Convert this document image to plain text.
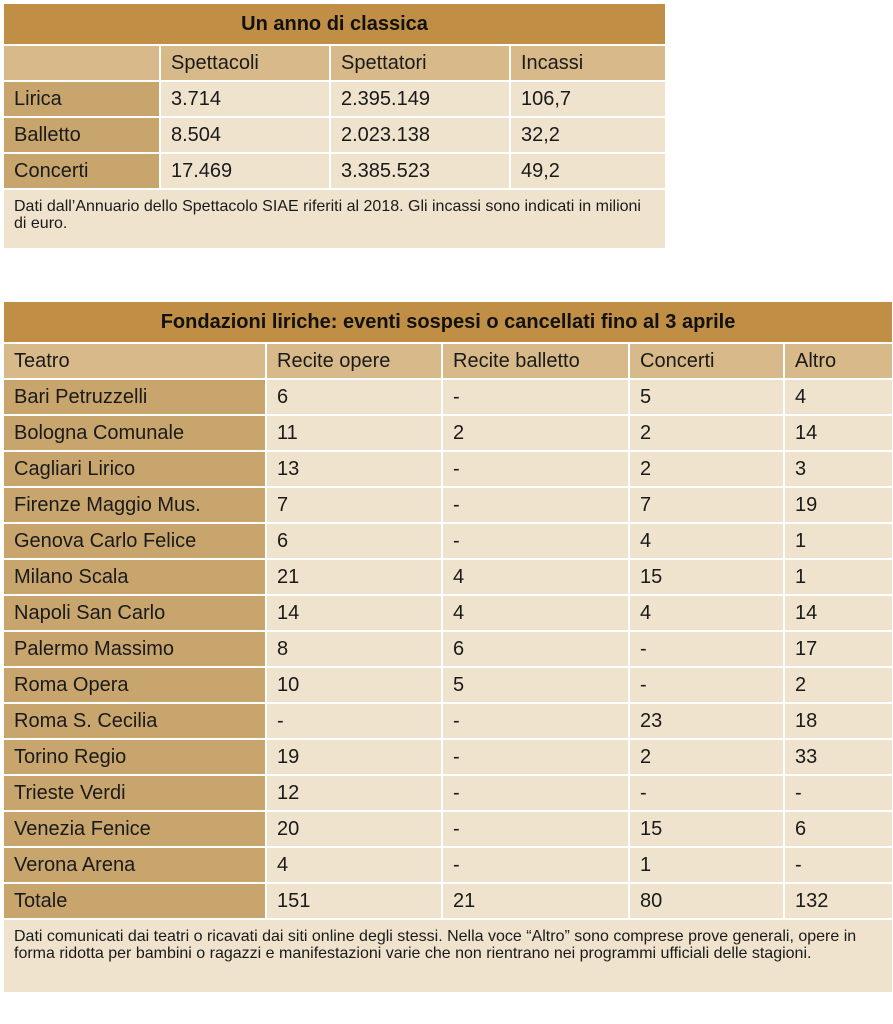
Un anno di classica			
	Spettacoli	Spettatori	Incassi
Lirica	3.714	2.395.149	106,7
Balletto	8.504	2.023.138	32,2
Concerti	17.469	3.385.523	49,2
Dati dall’Annuario dello Spettacolo SIAE riferiti al 2018. Gli incassi sono indicati in milioni di euro.			
Fondazioni liriche: eventi sospesi o cancellati fino al 3 aprile				
Teatro	Recite opere	Recite balletto	Concerti	Altro
Bari Petruzzelli	6	-	5	4
Bologna Comunale	11	2	2	14
Cagliari Lirico	13	-	2	3
Firenze Maggio Mus.	7	-	7	19
Genova Carlo Felice	6	-	4	1
Milano Scala	21	4	15	1
Napoli San Carlo	14	4	4	14
Palermo Massimo	8	6	-	17
Roma Opera	10	5	-	2
Roma S. Cecilia	-	-	23	18
Torino Regio	19	-	2	33
Trieste Verdi	12	-	-	-
Venezia Fenice	20	-	15	6
Verona Arena	4	-	1	-
Totale	151	21	80	132
Dati comunicati dai teatri o ricavati dai siti online degli stessi. Nella voce “Altro” sono comprese prove generali, opere in forma ridotta per bambini o ragazzi e manifestazioni varie che non rientrano nei programmi ufficiali delle stagioni.				
